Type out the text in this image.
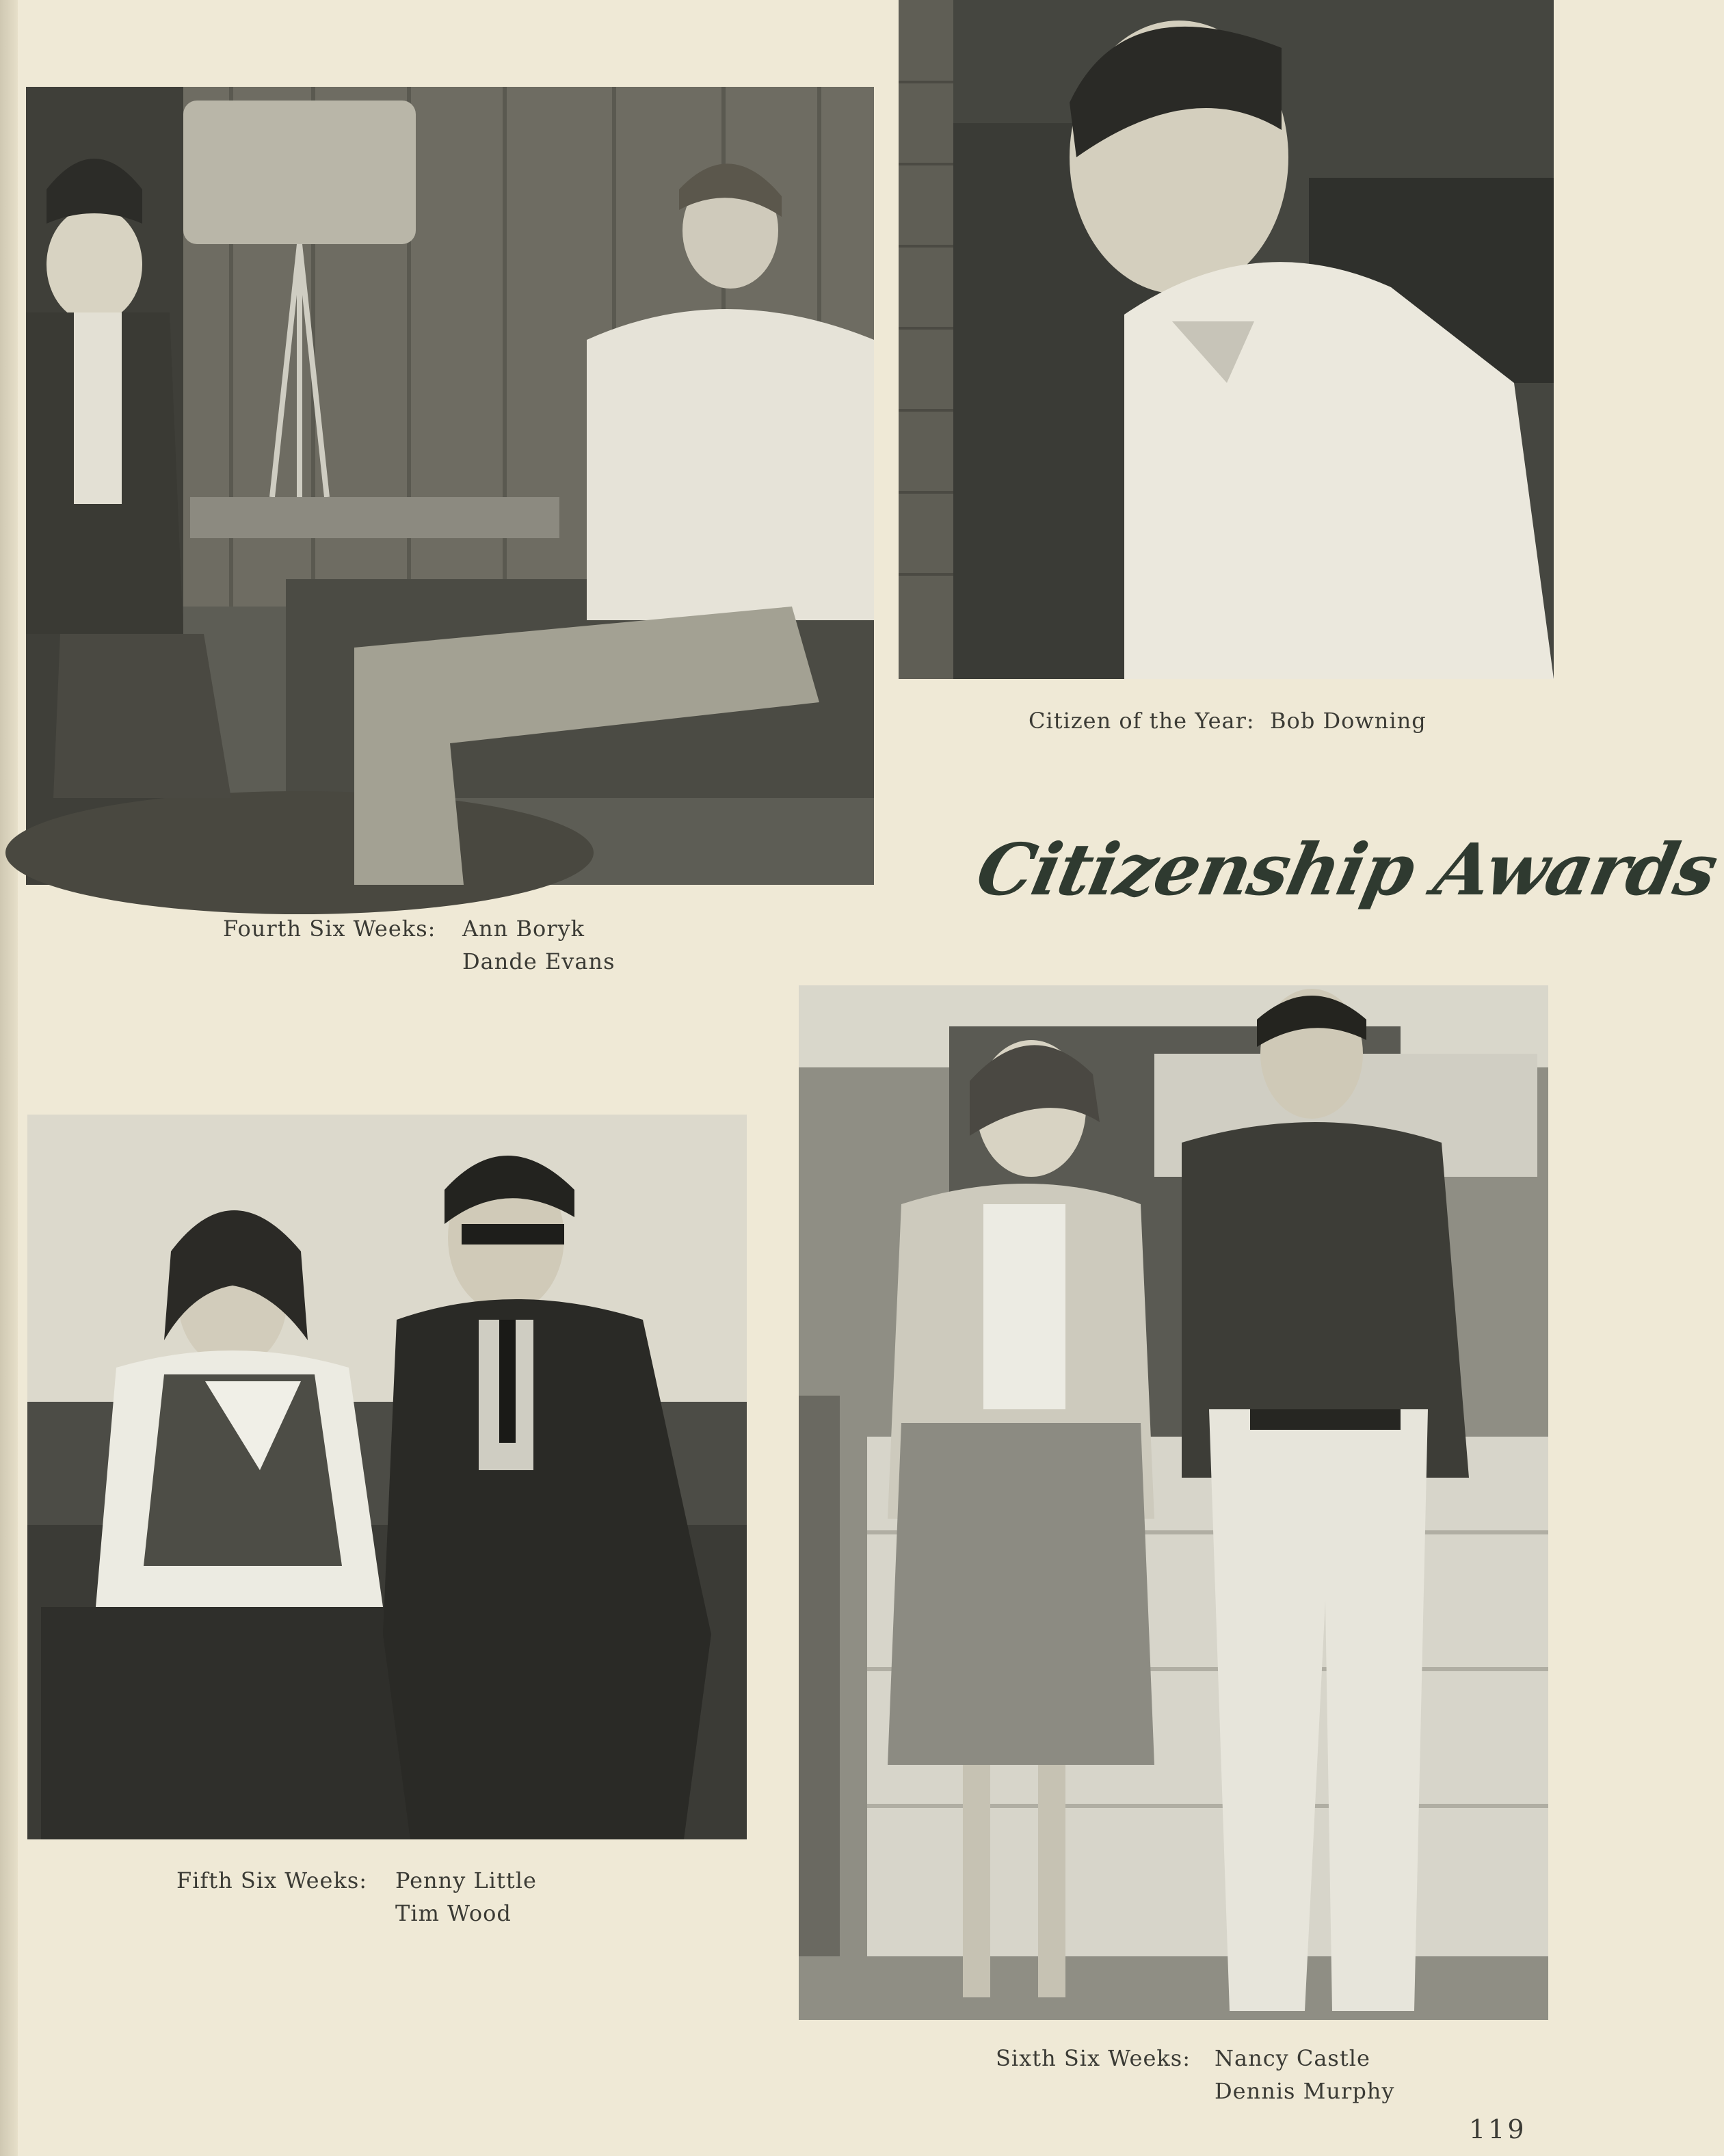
Citizen of the Year:  Bob Downing
Fourth Six Weeks: Ann Boryk
Dande Evans
Fifth Six Weeks: Penny Little
Tim Wood
Sixth Six Weeks: Nancy Castle
Dennis Murphy
Citizenship Awards
119
